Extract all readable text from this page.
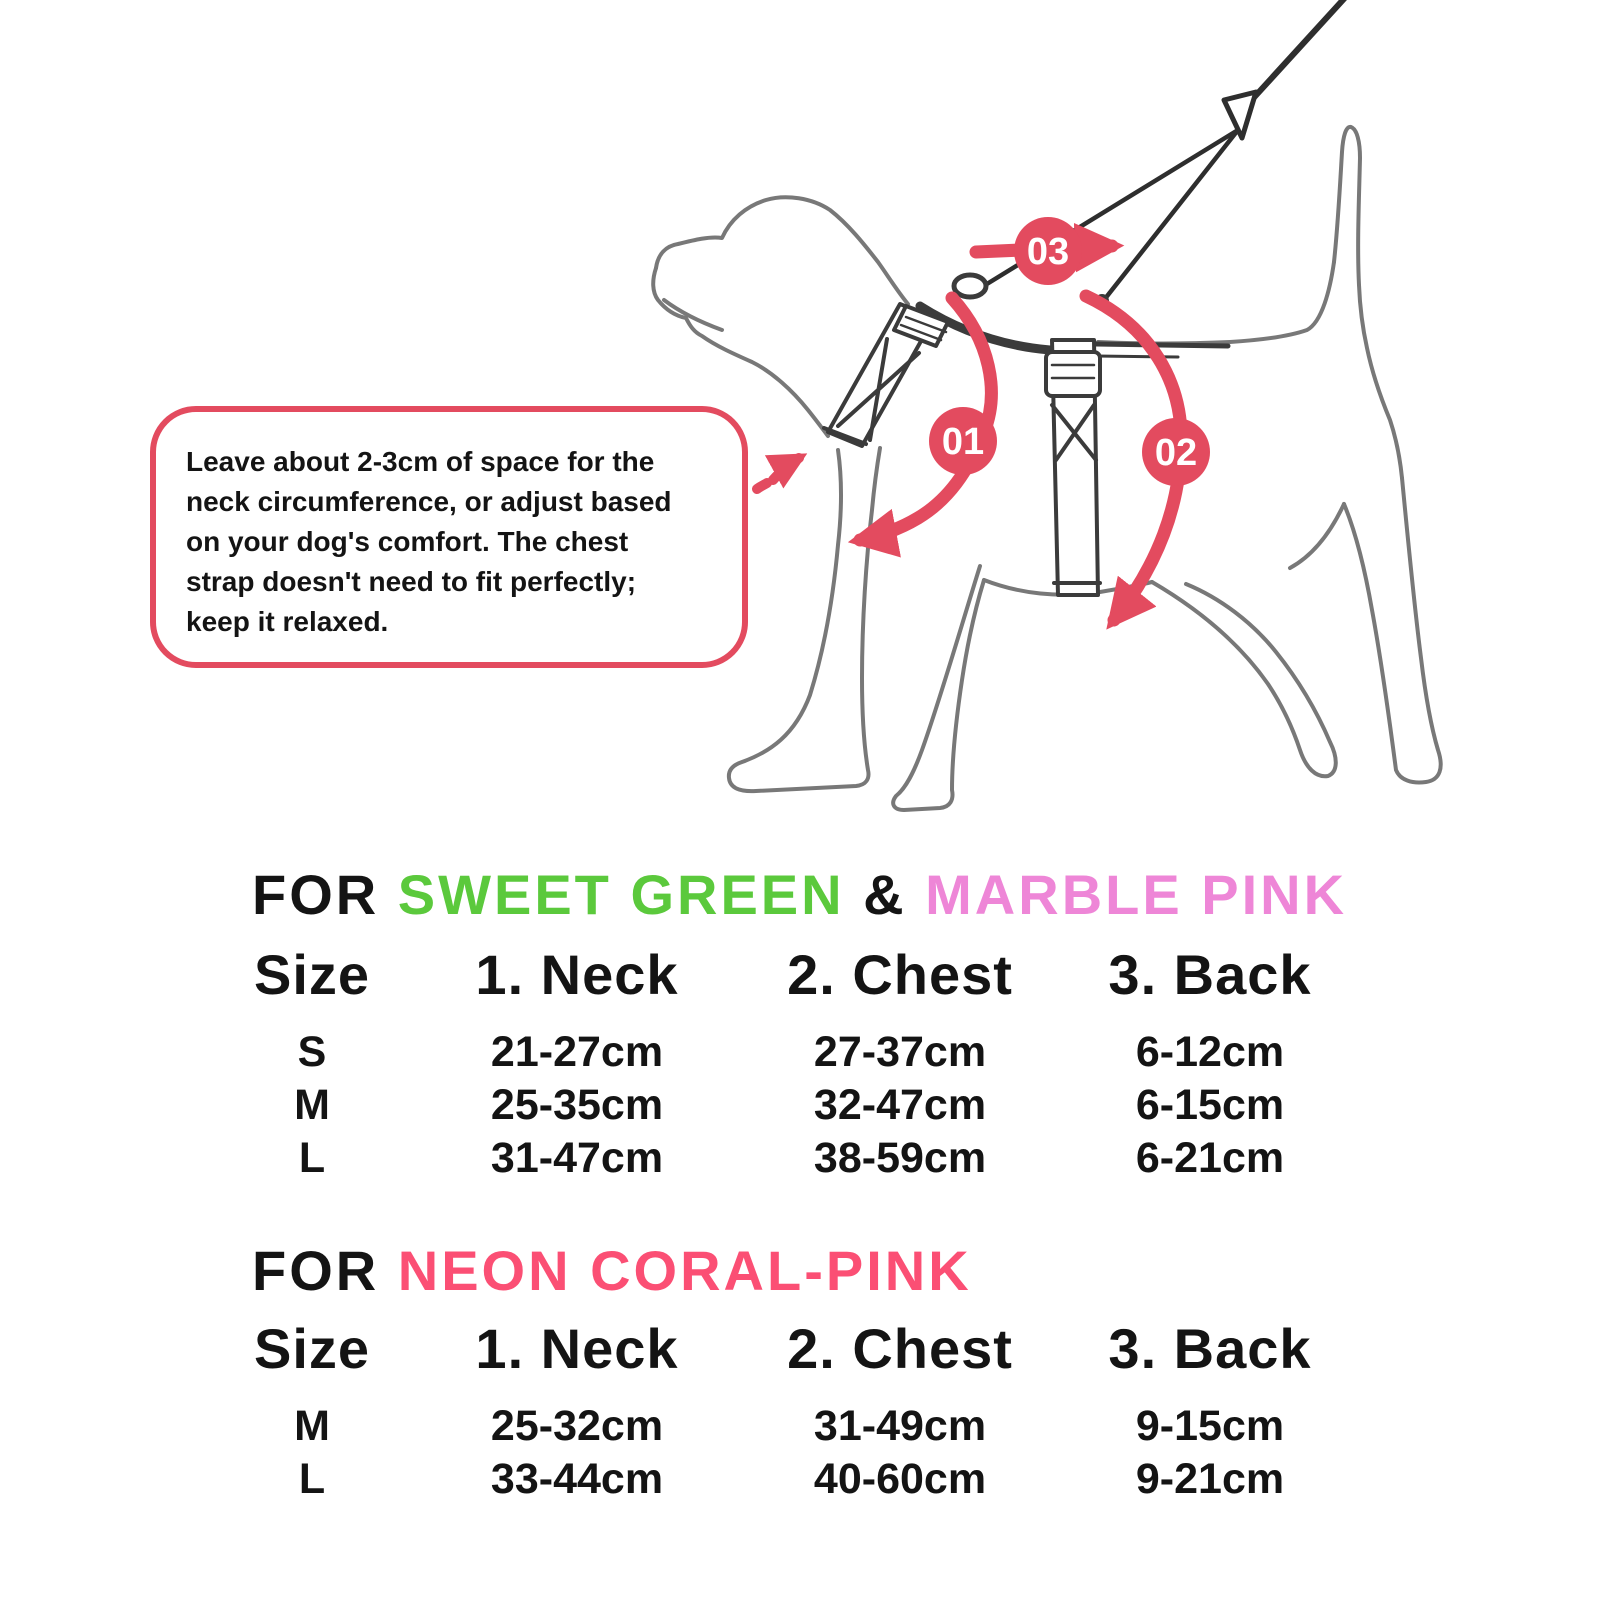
01	02
03

Leave about 2-3cm of space for the

neck circumference, or adjust based

on your dog's comfort. The chest

strap doesn't need to fit perfectly;

keep it relaxed.

FOR SWEET GREEN & MARBLE PINK
Size	1. Neck	2. Chest	3. Back
S	21-27cm	27-37cm	6-12cm
M	25-35cm	32-47cm	6-15cm
L	31-47cm	38-59cm	6-21cm
FOR NEON CORAL-PINK
Size	1. Neck	2. Chest	3. Back
M	25-32cm	31-49cm	9-15cm
L	33-44cm	40-60cm	9-21cm
